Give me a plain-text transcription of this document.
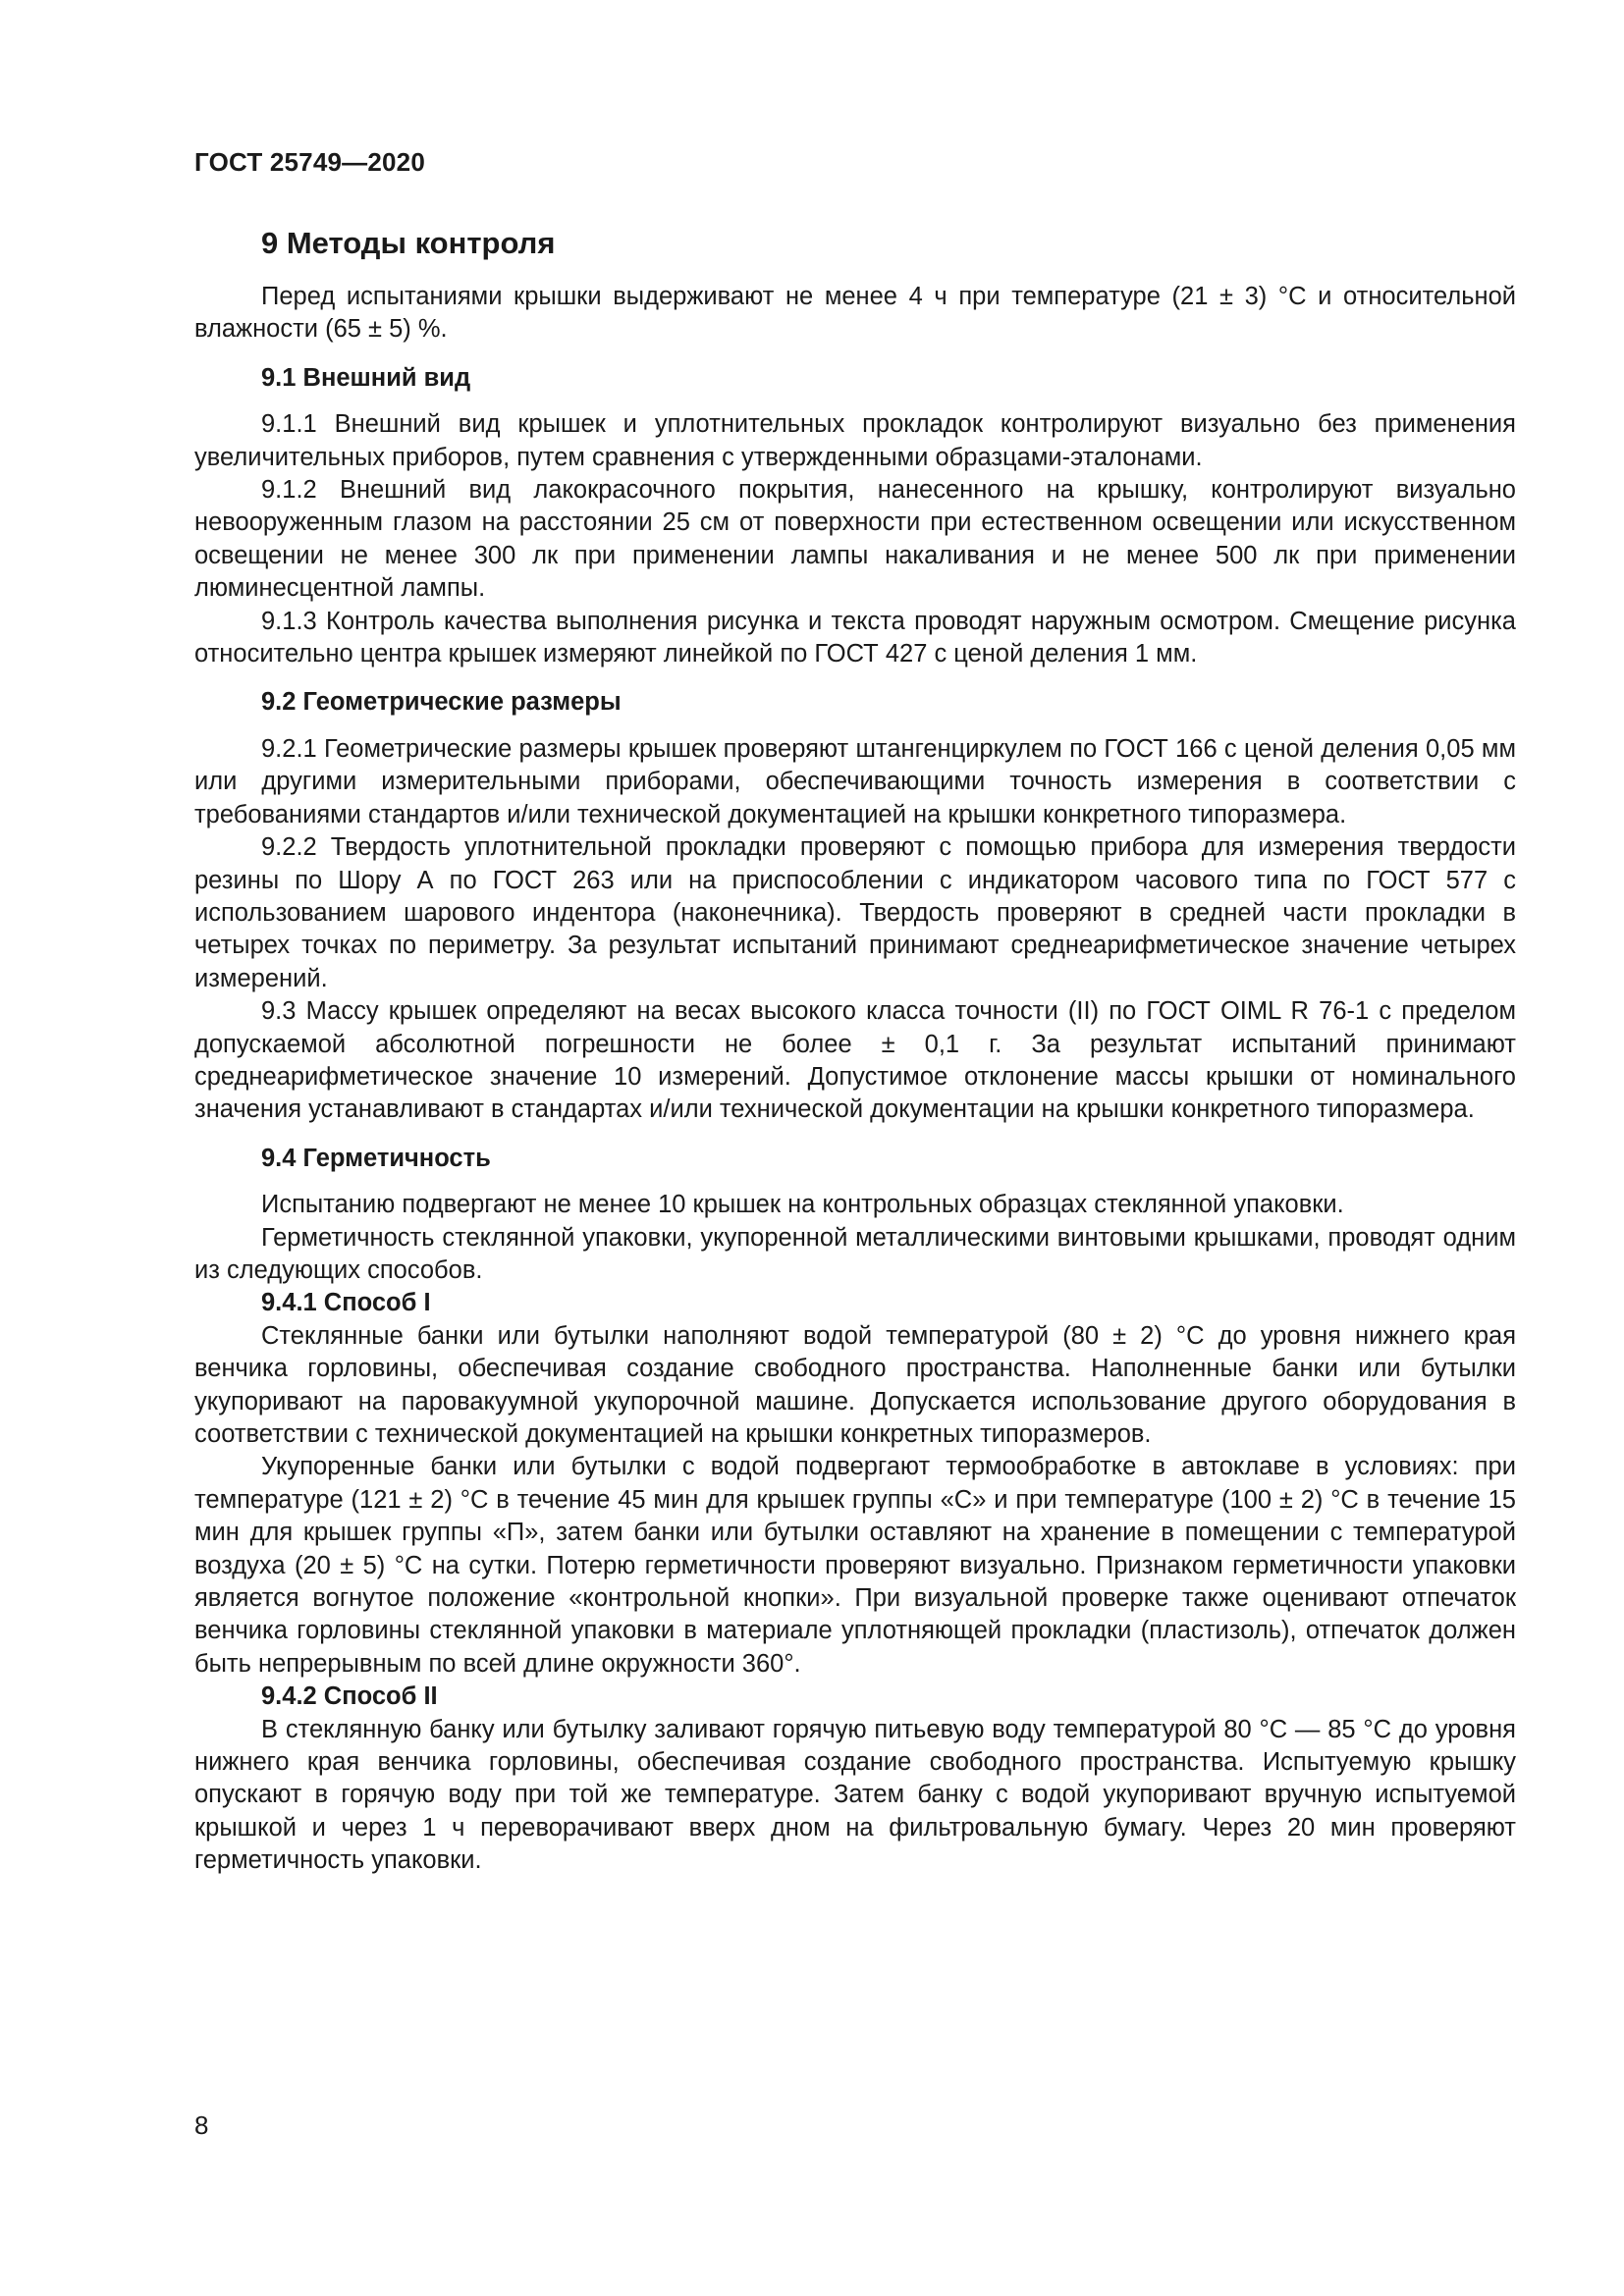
ГОСТ 25749—2020
9 Методы контроля

Перед испытаниями крышки выдерживают не менее 4 ч при температуре (21 ± 3) °С и относительной влажности (65 ± 5) %.

9.1 Внешний вид

9.1.1 Внешний вид крышек и уплотнительных прокладок контролируют визуально без применения увеличительных приборов, путем сравнения с утвержденными образцами-эталонами.

9.1.2 Внешний вид лакокрасочного покрытия, нанесенного на крышку, контролируют визуально невооруженным глазом на расстоянии 25 см от поверхности при естественном освещении или искусственном освещении не менее 300 лк при применении лампы накаливания и не менее 500 лк при применении люминесцентной лампы.

9.1.3 Контроль качества выполнения рисунка и текста проводят наружным осмотром. Смещение рисунка относительно центра крышек измеряют линейкой по ГОСТ 427 с ценой деления 1 мм.

9.2 Геометрические размеры

9.2.1 Геометрические размеры крышек проверяют штангенциркулем по ГОСТ 166 с ценой деления 0,05 мм или другими измерительными приборами, обеспечивающими точность измерения в соответствии с требованиями стандартов и/или технической документацией на крышки конкретного типоразмера.

9.2.2 Твердость уплотнительной прокладки проверяют с помощью прибора для измерения твердости резины по Шору А по ГОСТ 263 или на приспособлении с индикатором часового типа по ГОСТ 577 с использованием шарового индентора (наконечника). Твердость проверяют в средней части прокладки в четырех точках по периметру. За результат испытаний принимают среднеарифметическое значение четырех измерений.

9.3 Массу крышек определяют на весах высокого класса точности (II) по ГОСТ OIML R 76-1 с пределом допускаемой абсолютной погрешности не более ± 0,1 г. За результат испытаний принимают среднеарифметическое значение 10 измерений. Допустимое отклонение массы крышки от номинального значения устанавливают в стандартах и/или технической документации на крышки конкретного типоразмера.

9.4 Герметичность

Испытанию подвергают не менее 10 крышек на контрольных образцах стеклянной упаковки.

Герметичность стеклянной упаковки, укупоренной металлическими винтовыми крышками, проводят одним из следующих способов.

9.4.1 Способ I

Стеклянные банки или бутылки наполняют водой температурой (80 ± 2) °С до уровня нижнего края венчика горловины, обеспечивая создание свободного пространства. Наполненные банки или бутылки укупоривают на паровакуумной укупорочной машине. Допускается использование другого оборудования в соответствии с технической документацией на крышки конкретных типоразмеров.

Укупоренные банки или бутылки с водой подвергают термообработке в автоклаве в условиях: при температуре (121 ± 2) °С в течение 45 мин для крышек группы «С» и при температуре (100 ± 2) °С в течение 15 мин для крышек группы «П», затем банки или бутылки оставляют на хранение в помещении с температурой воздуха (20 ± 5) °С на сутки. Потерю герметичности проверяют визуально. Признаком герметичности упаковки является вогнутое положение «контрольной кнопки». При визуальной проверке также оценивают отпечаток венчика горловины стеклянной упаковки в материале уплотняющей прокладки (пластизоль), отпечаток должен быть непрерывным по всей длине окружности 360°.

9.4.2 Способ II

В стеклянную банку или бутылку заливают горячую питьевую воду температурой 80 °С — 85 °С до уровня нижнего края венчика горловины, обеспечивая создание свободного пространства. Испытуемую крышку опускают в горячую воду при той же температуре. Затем банку с водой укупоривают вручную испытуемой крышкой и через 1 ч переворачивают вверх дном на фильтровальную бумагу. Через 20 мин проверяют герметичность упаковки.

8
